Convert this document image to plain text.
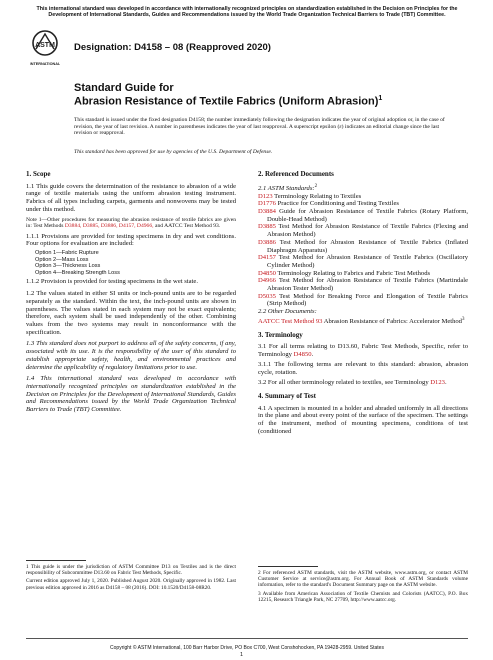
This international standard was developed in accordance with internationally recognized principles on standardization established in the Decision on Principles for the Development of International Standards, Guides and Recommendations issued by the World Trade Organization Technical Barriers to Trade (TBT) Committee.
ASTM
INTERNATIONAL
Designation: D4158 – 08 (Reapproved 2020)
Standard Guide for
Abrasion Resistance of Textile Fabrics (Uniform Abrasion)$^1$
This standard is issued under the fixed designation D4158; the number immediately following the designation indicates the year of original adoption or, in the case of revision, the year of last revision. A number in parentheses indicates the year of last reapproval. A superscript epsilon (ε) indicates an editorial change since the last revision or reapproval.
This standard has been approved for use by agencies of the U.S. Department of Defense.

1. Scope

1.1 This guide covers the determination of the resistance to abrasion of a wide range of textile materials using the uniform abrasion testing instrument. Fabrics of all types including carpets, garments and nonwovens may be tested under this method.

Note 1—Other procedures for measuring the abrasion resistance of textile fabrics are given in: Test Methods D3884, D3885, D3886, D4157, D4966, and AATCC Test Method 93.

1.1.1 Provisions are provided for testing specimens in dry and wet conditions. Four options for evaluation are included:

Option 1—Fabric Rupture
Option 2—Mass Loss
Option 3—Thickness Loss
Option 4—Breaking Strength Loss

1.1.2 Provision is provided for testing specimens in the wet state.

1.2 The values stated in either SI units or inch-pound units are to be regarded separately as the standard. Within the text, the inch-pound units are shown in parentheses. The values stated in each system may not be exact equivalents; therefore, each system shall be used independently of the other. Combining values from the two systems may result in nonconformance with the specification.

1.3 This standard does not purport to address all of the safety concerns, if any, associated with its use. It is the responsibility of the user of this standard to establish appropriate safety, health, and environmental practices and determine the applicability of regulatory limitations prior to use.

1.4 This international standard was developed in accordance with internationally recognized principles on standardization established in the Decision on Principles for the Development of International Standards, Guides and Recommendations issued by the World Trade Organization Technical Barriers to Trade (TBT) Committee.

1 This guide is under the jurisdiction of ASTM Committee D13 on Textiles and is the direct responsibility of Subcommittee D13.60 on Fabric Test Methods, Specific.

Current edition approved July 1, 2020. Published August 2020. Originally approved in 1982. Last previous edition approved in 2016 as D4158 – 08 (2016). DOI: 10.1520/D4158-08R20.

2. Referenced Documents

2.1 ASTM Standards:$^2$

D123 Terminology Relating to Textiles

D1776 Practice for Conditioning and Testing Textiles

D3884 Guide for Abrasion Resistance of Textile Fabrics (Rotary Platform, Double-Head Method)

D3885 Test Method for Abrasion Resistance of Textile Fabrics (Flexing and Abrasion Method)

D3886 Test Method for Abrasion Resistance of Textile Fabrics (Inflated Diaphragm Apparatus)

D4157 Test Method for Abrasion Resistance of Textile Fabrics (Oscillatory Cylinder Method)

D4850 Terminology Relating to Fabrics and Fabric Test Methods

D4966 Test Method for Abrasion Resistance of Textile Fabrics (Martindale Abrasion Tester Method)

D5035 Test Method for Breaking Force and Elongation of Textile Fabrics (Strip Method)

2.2 Other Documents:

AATCC Test Method 93 Abrasion Resistance of Fabrics: Accelerator Method$^3$

3. Terminology

3.1 For all terms relating to D13.60, Fabric Test Methods, Specific, refer to Terminology D4850.

3.1.1 The following terms are relevant to this standard: abrasion, abrasion cycle, rotation.

3.2 For all other terminology related to textiles, see Terminology D123.

4. Summary of Test

4.1 A specimen is mounted in a holder and abraded uniformly in all directions in the plane and about every point of the surface of the specimen. The settings of the instrument, method of mounting specimens, conditions of test (conditioned

2 For referenced ASTM standards, visit the ASTM website, www.astm.org, or contact ASTM Customer Service at service@astm.org. For Annual Book of ASTM Standards volume information, refer to the standard's Document Summary page on the ASTM website.

3 Available from American Association of Textile Chemists and Colorists (AATCC), P.O. Box 12215, Research Triangle Park, NC 27709, http://www.aatcc.org.

Copyright © ASTM International, 100 Barr Harbor Drive, PO Box C700, West Conshohocken, PA 19428-2959. United States
1
